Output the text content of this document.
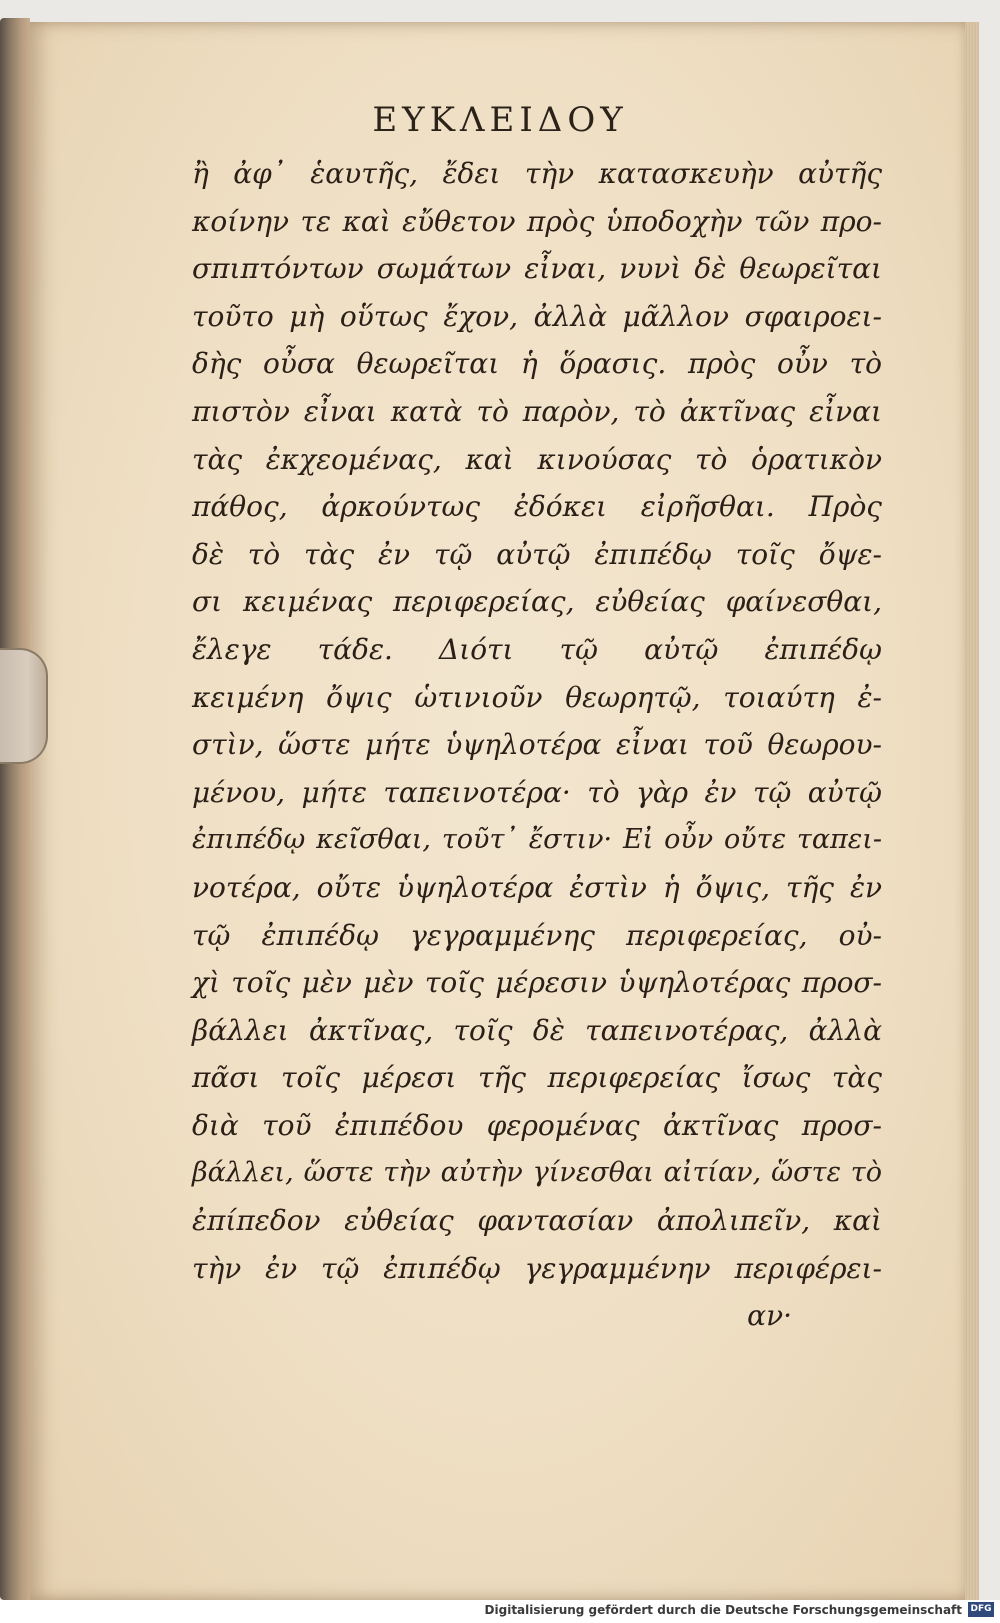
ΕΥΚΛΕΙΔΟΥ
ἢ ἀφ᾽ ἑαυτῆς, ἔδει τὴν κατασκευὴν αὐτῆς
κοίνην τε καὶ εὔθετον πρὸς ὑποδοχὴν τῶν προ-
σπιπτόντων σωμάτων εἶναι, νυνὶ δὲ θεωρεῖται
τοῦτο μὴ οὕτως ἔχον, ἀλλὰ μᾶλλον σφαιροει-
δὴς οὖσα θεωρεῖται ἡ ὅρασις. πρὸς οὖν τὸ
πιστὸν εἶναι κατὰ τὸ παρὸν, τὸ ἀκτῖνας εἶναι
τὰς ἐκχεομένας, καὶ κινούσας τὸ ὁρατικὸν
πάθος, ἀρκούντως ἐδόκει εἰρῆσθαι. Πρὸς
δὲ τὸ τὰς ἐν τῷ αὐτῷ ἐπιπέδῳ τοῖς ὄψε-
σι κειμένας περιφερείας, εὐθείας φαίνεσθαι,
ἔλεγε τάδε. Διότι τῷ αὐτῷ ἐπιπέδῳ
κειμένη ὄψις ὡτινιοῦν θεωρητῷ, τοιαύτη ἐ-
στὶν, ὥστε μήτε ὑψηλοτέρα εἶναι τοῦ θεωρου-
μένου, μήτε ταπεινοτέρα· τὸ γὰρ ἐν τῷ αὐτῷ
ἐπιπέδῳ κεῖσθαι, τοῦτ᾽ ἔστιν· Εἰ οὖν οὔτε ταπει-
νοτέρα, οὔτε ὑψηλοτέρα ἐστὶν ἡ ὄψις, τῆς ἐν
τῷ ἐπιπέδῳ γεγραμμένης περιφερείας, οὐ-
χὶ τοῖς μὲν μὲν τοῖς μέρεσιν ὑψηλοτέρας προσ-
βάλλει ἀκτῖνας, τοῖς δὲ ταπεινοτέρας, ἀλλὰ
πᾶσι τοῖς μέρεσι τῆς περιφερείας ἴσως τὰς
διὰ τοῦ ἐπιπέδου φερομένας ἀκτῖνας προσ-
βάλλει, ὥστε τὴν αὐτὴν γίνεσθαι αἰτίαν, ὥστε τὸ
ἐπίπεδον εὐθείας φαντασίαν ἀπολιπεῖν, καὶ
τὴν ἐν τῷ ἐπιπέδῳ γεγραμμένην περιφέρει-
αν·
Digitalisierung gefördert durch die Deutsche Forschungsgemeinschaft DFG
